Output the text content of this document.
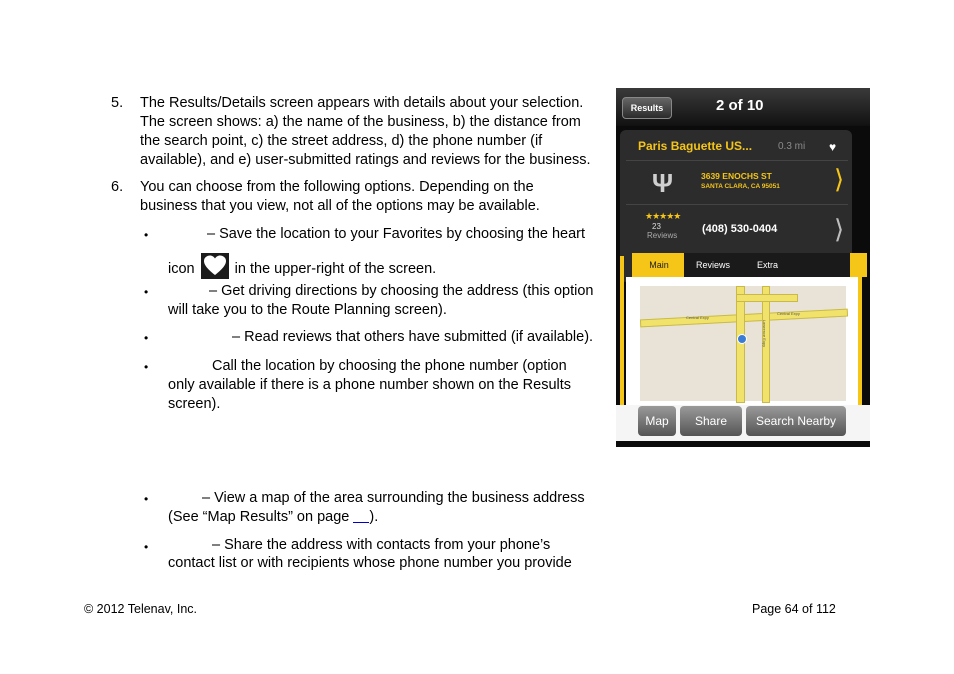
5. The Results/Details screen appears with details about your selection.
The screen shows: a) the name of the business, b) the distance from
the search point, c) the street address, d) the phone number (if
available), and e) user-submitted ratings and reviews for the business.
6. You can choose from the following options. Depending on the
business that you view, not all of the options may be available.
•	– Save the location to your Favorites by choosing the heart
icon	in the upper-right of the screen.
•	– Get driving directions by choosing the address (this option
will take you to the Route Planning screen).
•	– Read reviews that others have submitted (if available).
•	Call the location by choosing the phone number (option
only available if there is a phone number shown on the Results
screen).
•	– View a map of the area surrounding the business address
(See “Map Results” on page ).
•	– Share the address with contacts from your phone’s
contact list or with recipients whose phone number you provide
© 2012 Telenav, Inc.	Page 64 of 112
Results	2 of 10
Paris Baguette US...	0.3 mi ♥
Ψ	3639 ENOCHS ST
SANTA CLARA, CA 95051 ⟩
★★★★★
23
Reviews
(408) 530-0404 ⟩
Main	Reviews	Extra
Central Expy
Central Expy
Lawrence Expy
Map	Share	Search Nearby
